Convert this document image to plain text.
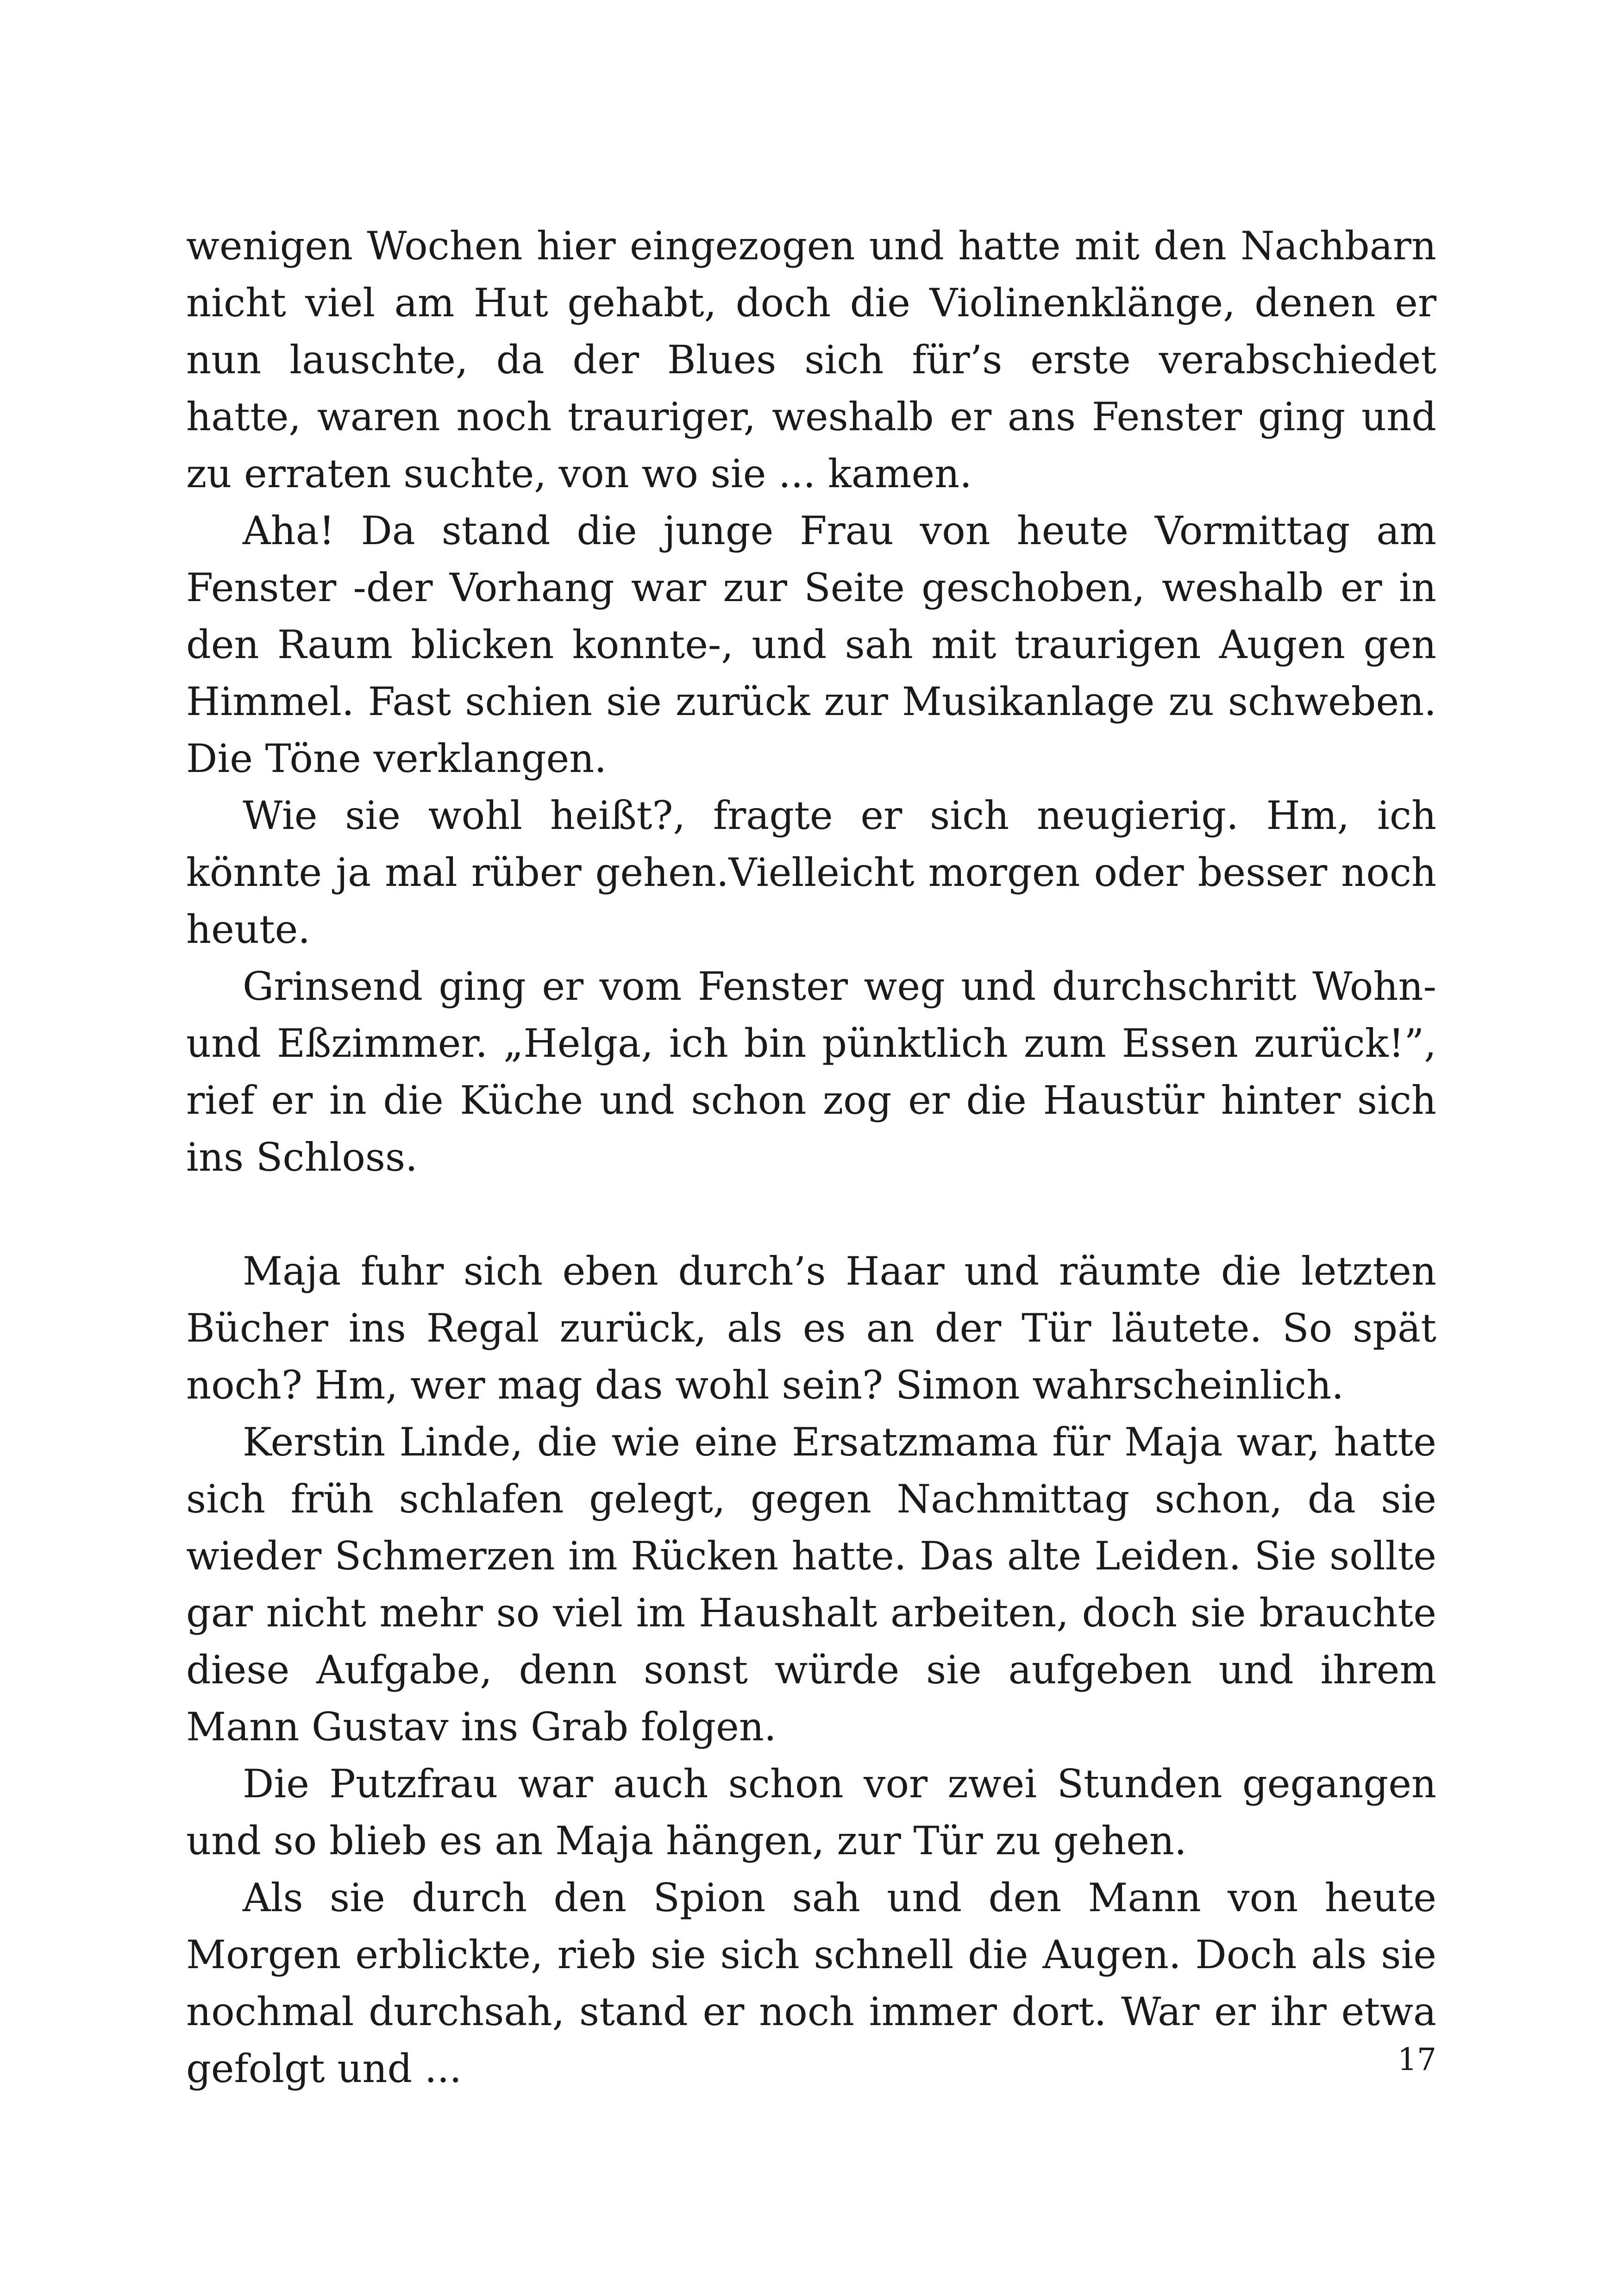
wenigen Wochen hier eingezogen und hatte mit den Nachbarn nicht viel am Hut gehabt, doch die Violinenklänge, denen er nun lauschte, da der Blues sich für’s erste verabschiedet hatte, waren noch trauriger, weshalb er ans Fenster ging und zu erraten suchte, von wo sie ... kamen.

Aha! Da stand die junge Frau von heute Vormittag am Fenster -der Vorhang war zur Seite geschoben, weshalb er in den Raum blicken konnte-, und sah mit traurigen Augen gen Himmel. Fast schien sie zurück zur Musikanlage zu schweben. Die Töne verklangen.

Wie sie wohl heißt?, fragte er sich neugierig. Hm, ich könnte ja mal rüber gehen.Vielleicht morgen oder besser noch heute.

Grinsend ging er vom Fenster weg und durchschritt Wohn- und Eßzimmer. „Helga, ich bin pünktlich zum Essen zurück!”, rief er in die Küche und schon zog er die Haustür hinter sich ins Schloss.

Maja fuhr sich eben durch’s Haar und räumte die letzten Bücher ins Regal zurück, als es an der Tür läutete. So spät noch? Hm, wer mag das wohl sein? Simon wahrscheinlich.

Kerstin Linde, die wie eine Ersatzmama für Maja war, hatte sich früh schlafen gelegt, gegen Nachmittag schon, da sie wieder Schmerzen im Rücken hatte. Das alte Leiden. Sie sollte gar nicht mehr so viel im Haushalt arbeiten, doch sie brauchte diese Aufgabe, denn sonst würde sie aufgeben und ihrem Mann Gustav ins Grab folgen.

Die Putzfrau war auch schon vor zwei Stunden gegangen und so blieb es an Maja hängen, zur Tür zu gehen.

Als sie durch den Spion sah und den Mann von heute Morgen erblickte, rieb sie sich schnell die Augen. Doch als sie nochmal durchsah, stand er noch immer dort. War er ihr etwa gefolgt und ...	17
